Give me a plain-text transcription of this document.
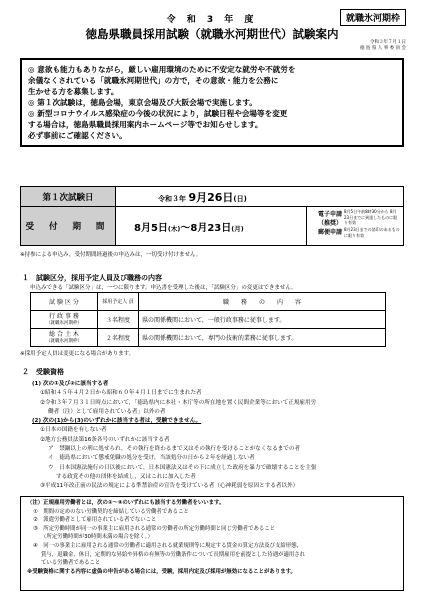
令 和 3 年 度	就職氷河期枠
徳島県職員採用試験（就職氷河期世代）試験案内
令和３年７月１日
徳 島 県 人 事 委 員 会
◎ 意欲も能力もありながら，厳しい雇用環境のために不安定な就労や不就労を
余儀なくされている「就職氷河期世代」の方で，その意欲・能力を公務に
生かせる方を募集します。
◎ 第１次試験は，徳島会場，東京会場及び大阪会場で実施します。
◎ 新型コロナウイルス感染症の今後の状況により，試験日程や会場等を変更
する場合は，徳島県職員採用案内ホームページ等でお知らせします。
必ず事前にご確認ください。
第１次試験日	令和３年 9月26日(日)	
受 付 期 間	8月5日(木)～8月23日(月)	電子申請
（推奨）
8月5日午前8時30分から 8月23日までに到達したものに限り有効
郵便申請 8月23日までの消印のあるものに限り有効
※持参による申込み，受付期間経過後の申込みは，一切受け付けません。
１　試験区分，採用予定人員及び職務の内容
申込みできる「試験区分」は，一つに限ります。申込書を受理した後は，「試験区分」の変更はできません。
試 験 区 分	採用予定人 員	職　　務　　の　　内　　容

行 政 事 務
（就職氷河期枠）	３名程度	県の関係機関において，一般行政事務に従事します。

総 合 土 木
（就職氷河期枠）	２名程度	県の関係機関において，専門の技術的業務に従事します。
※採用予定人員は変更になる場合があります。
２　受験資格
(1) 次の①及び②に該当する者
①昭和４５年４月２日から昭和６０年４月１日までに生まれた者
②令和３年７月３１日時点において，「徳島県内に本社・本庁等の所在地を置く民間企業等において正規雇用労
働者（注）として雇用されている者」以外の者
(2) 次の(1)から(3)のいずれかに該当する者は，受験できません。
①日本の国籍を有しない者
②地方公務員法第16条各号のいずれかに該当する者
ア　禁錮以上の刑に処せられ，その執行を終わるまで又はその執行を受けることがなくなるまでの者
イ　徳島県において懲戒免職の処分を受け，当該処分の日から２年を経過しない者
ウ　日本国憲法施行の日以後において，日本国憲法又はその下に成立した政府を暴力で破壊することを主張
する政党その他の団体を結成し，又はこれに加入した者
③平成11年改正前の民法の規定による準禁治産の宣告を受けている者（心神耗弱を原因とする者以外）
（注）正規雇用労働者とは，次の①～④のいずれにも該当する労働者をいいます。
①　期間の定めのない労働契約を締結している労働者であること
②　派遣労働者として雇用されている者でないこと
③　所定労働時間が同一の事業主に雇用される通常の労働者の所定労働時間と同じ労働者であること
（所定労働時間が30時間未満の場合を除く。）
④　同一の事業主に雇用される通常の労働者に適用される就業規則等に規定する賃金の算定方法及び支給形態，
賞与，退職金，休日，定期的な昇給や昇格の有無等の労働条件について長期雇用を前提とした待遇が適用され
ている労働者であること
※受験資格に関する内容に虚偽の申告がある場合には，受験，採用内定及び採用が無効になることがあります。
